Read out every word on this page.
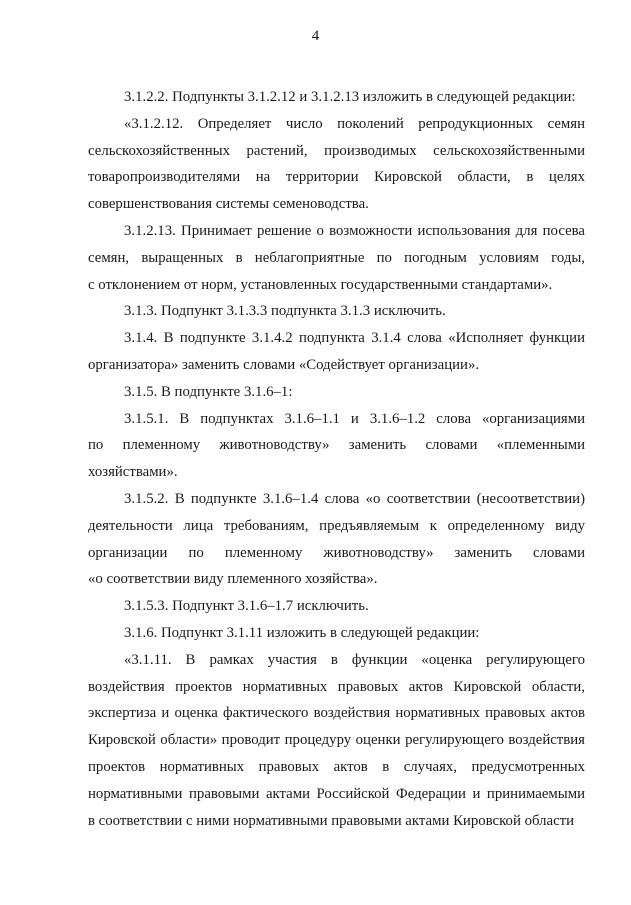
4
3.1.2.2. Подпункты 3.1.2.12 и 3.1.2.13 изложить в следующей редакции:
«3.1.2.12. Определяет число поколений репродукционных семян
сельскохозяйственных растений, производимых сельскохозяйственными
товаропроизводителями на территории Кировской области, в целях
совершенствования системы семеноводства.
3.1.2.13. Принимает решение о возможности использования для посева
семян, выращенных в неблагоприятные по погодным условиям годы,
с отклонением от норм, установленных государственными стандартами».
3.1.3. Подпункт 3.1.3.3 подпункта 3.1.3 исключить.
3.1.4. В подпункте 3.1.4.2 подпункта 3.1.4 слова «Исполняет функции
организатора» заменить словами «Содействует организации».
3.1.5. В подпункте 3.1.6–1:
3.1.5.1. В подпунктах 3.1.6–1.1 и 3.1.6–1.2 слова «организациями
по племенному животноводству» заменить словами «племенными
хозяйствами».
3.1.5.2. В подпункте 3.1.6–1.4 слова «о соответствии (несоответствии)
деятельности лица требованиям, предъявляемым к определенному виду
организации по племенному животноводству» заменить словами
«о соответствии виду племенного хозяйства».
3.1.5.3. Подпункт 3.1.6–1.7 исключить.
3.1.6. Подпункт 3.1.11 изложить в следующей редакции:
«3.1.11. В рамках участия в функции «оценка регулирующего
воздействия проектов нормативных правовых актов Кировской области,
экспертиза и оценка фактического воздействия нормативных правовых актов
Кировской области» проводит процедуру оценки регулирующего воздействия
проектов нормативных правовых актов в случаях, предусмотренных
нормативными правовыми актами Российской Федерации и принимаемыми
в соответствии с ними нормативными правовыми актами Кировской области
